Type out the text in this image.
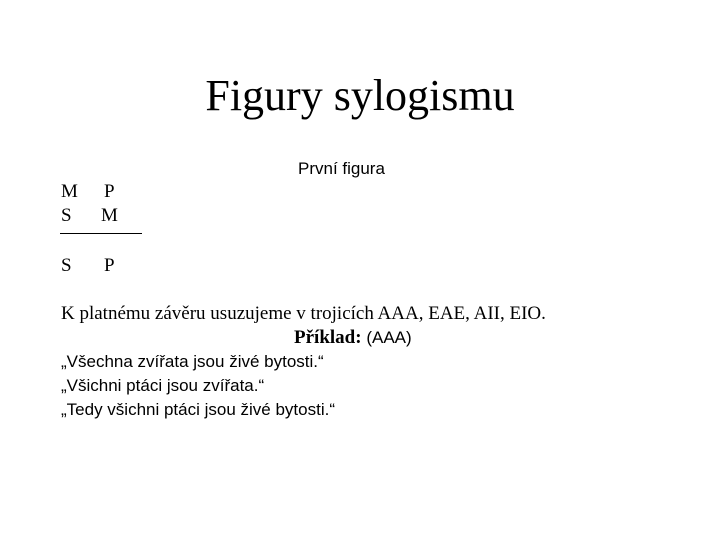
Figury sylogismu
První figura
M P
S M
S P
K platnému závěru usuzujeme v trojicích AAA, EAE, AII, EIO.
Příklad: (AAA)
„Všechna zvířata jsou živé bytosti.“
„Všichni ptáci jsou zvířata.“
„Tedy všichni ptáci jsou živé bytosti.“
